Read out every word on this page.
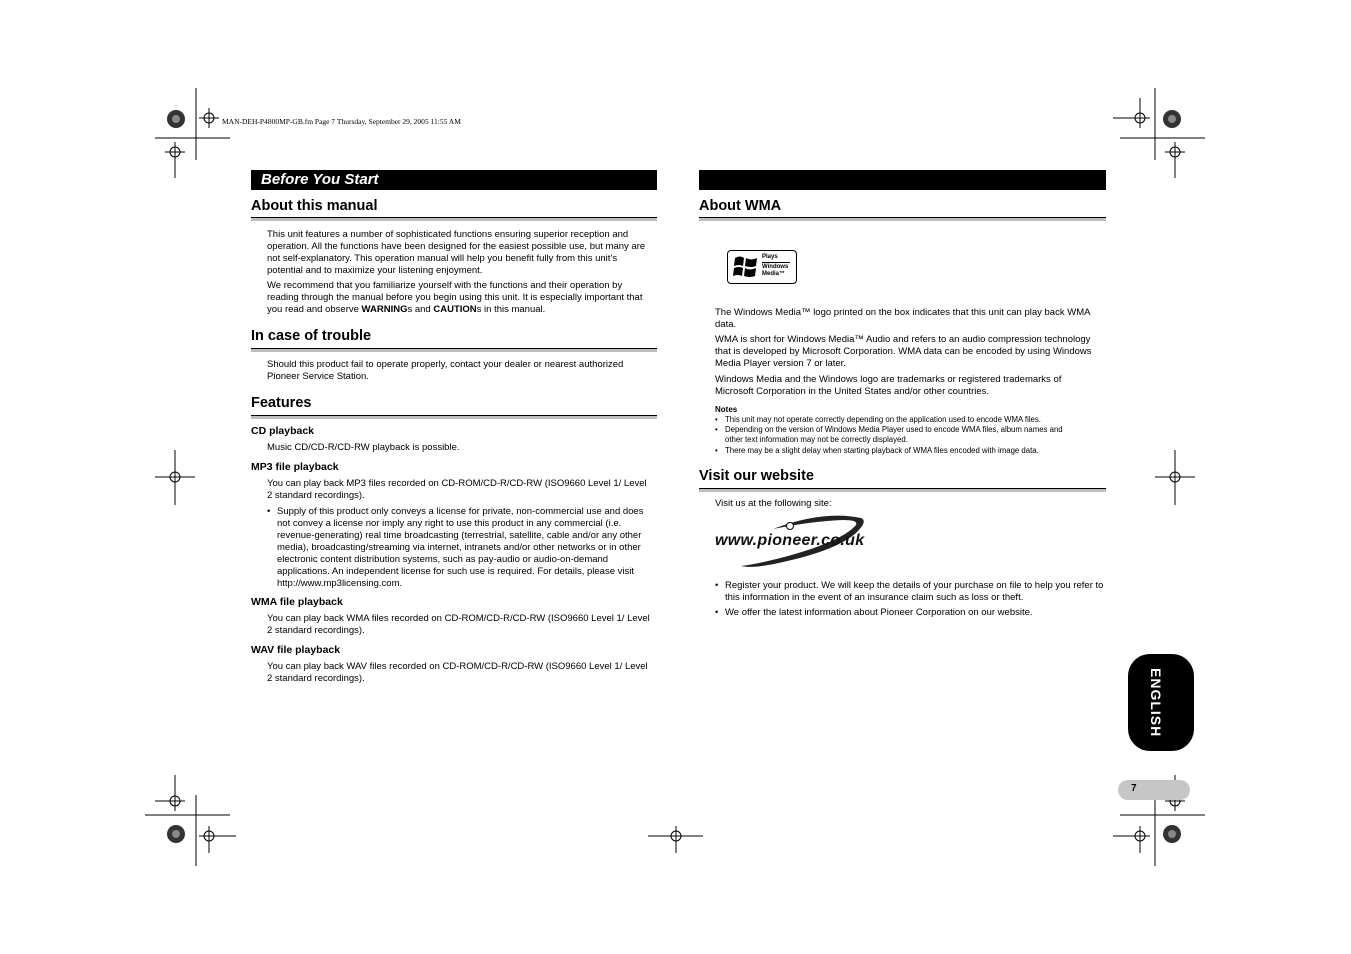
MAN-DEH-P4800MP-GB.fm Page 7 Thursday, September 29, 2005 11:55 AM
Before You Start
About this manual

This unit features a number of sophisticated functions ensuring superior reception and operation. All the functions have been designed for the easiest possible use, but many are not self-explanatory. This operation manual will help you benefit fully from this unit’s potential and to maximize your listening enjoyment.

We recommend that you familiarize yourself with the functions and their operation by reading through the manual before you begin using this unit. It is especially important that you read and observe WARNINGs and CAUTIONs in this manual.

In case of trouble

Should this product fail to operate properly, contact your dealer or nearest authorized Pioneer Service Station.

Features
CD playback

Music CD/CD-R/CD-RW playback is possible.

MP3 file playback

You can play back MP3 files recorded on CD-ROM/CD-R/CD-RW (ISO9660 Level 1/ Level 2 standard recordings).

• Supply of this product only conveys a license for private, non-commercial use and does not convey a license nor imply any right to use this product in any commercial (i.e. revenue-generating) real time broadcasting (terrestrial, satellite, cable and/or any other media), broadcasting/streaming via internet, intranets and/or other networks or in other electronic content distribution systems, such as pay-audio or audio-on-demand applications. An independent license for such use is required. For details, please visit http://www.mp3licensing.com.
WMA file playback

You can play back WMA files recorded on CD-ROM/CD-R/CD-RW (ISO9660 Level 1/ Level 2 standard recordings).

WAV file playback

You can play back WAV files recorded on CD-ROM/CD-R/CD-RW (ISO9660 Level 1/ Level 2 standard recordings).

About WMA
Plays
Windows
Media™

The Windows Media™ logo printed on the box indicates that this unit can play back WMA data.

WMA is short for Windows Media™ Audio and refers to an audio compression technology that is developed by Microsoft Corporation. WMA data can be encoded by using Windows Media Player version 7 or later.

Windows Media and the Windows logo are trademarks or registered trademarks of Microsoft Corporation in the United States and/or other countries.

Notes
• This unit may not operate correctly depending on the application used to encode WMA files.
• Depending on the version of Windows Media Player used to encode WMA files, album names and other text information may not be correctly displayed.
• There may be a slight delay when starting playback of WMA files encoded with image data.
Visit our website

Visit us at the following site:

www.pioneer.co.uk
• Register your product. We will keep the details of your purchase on file to help you refer to this information in the event of an insurance claim such as loss or theft.
• We offer the latest information about Pioneer Corporation on our website.
ENGLISH
7
